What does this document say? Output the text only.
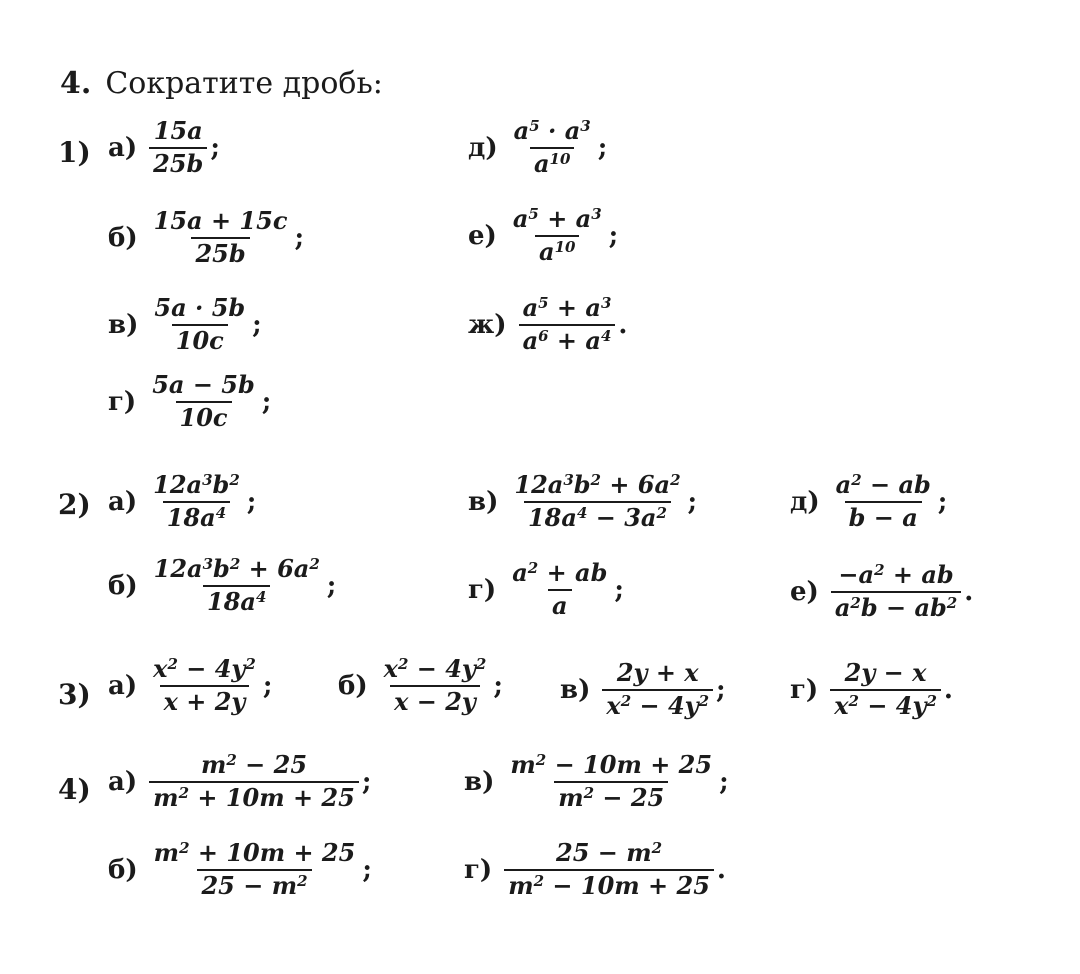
4. Сократите дробь:
1)
2)
3)
4)
$а) \frac{15a}{25b}$ ;
$б) \frac{15a + 15c}{25b}$ ;
$в) \frac{5a \cdot 5b}{10c}$ ;
$г) \frac{5a - 5b}{10c}$ ;
$д) \frac{a^5 \cdot a^3}{a^{10}}$ ;
$е) \frac{a^5 + a^3}{a^{10}}$ ;
$ж) \frac{a^5 + a^3}{a^6 + a^4}$ .
$а) \frac{12a^3b^2}{18a^4}$ ;
$б) \frac{12a^3b^2 + 6a^2}{18a^4}$ ;
$в) \frac{12a^3b^2 + 6a^2}{18a^4 - 3a^2}$ ;
$г) \frac{a^2 + ab}{a}$ ;
$д) \frac{a^2 - ab}{b - a}$ ;
$е) \frac{-a^2 + ab}{a^2b - ab^2}$ .
$а) \frac{x^2 - 4y^2}{x + 2y}$ ;	$б) \frac{x^2 - 4y^2}{x - 2y}$ ; $в) \frac{2y + x}{x^2 - 4y^2}$ ; $г) \frac{2y - x}{x^2 - 4y^2}$ .
$а) \frac{m^2 - 25}{m^2 + 10m + 25}$ ;
$б) \frac{m^2 + 10m + 25}{25 - m^2}$ ;
$в) \frac{m^2 - 10m + 25}{m^2 - 25}$ ;
$г) \frac{25 - m^2}{m^2 - 10m + 25}$ .
